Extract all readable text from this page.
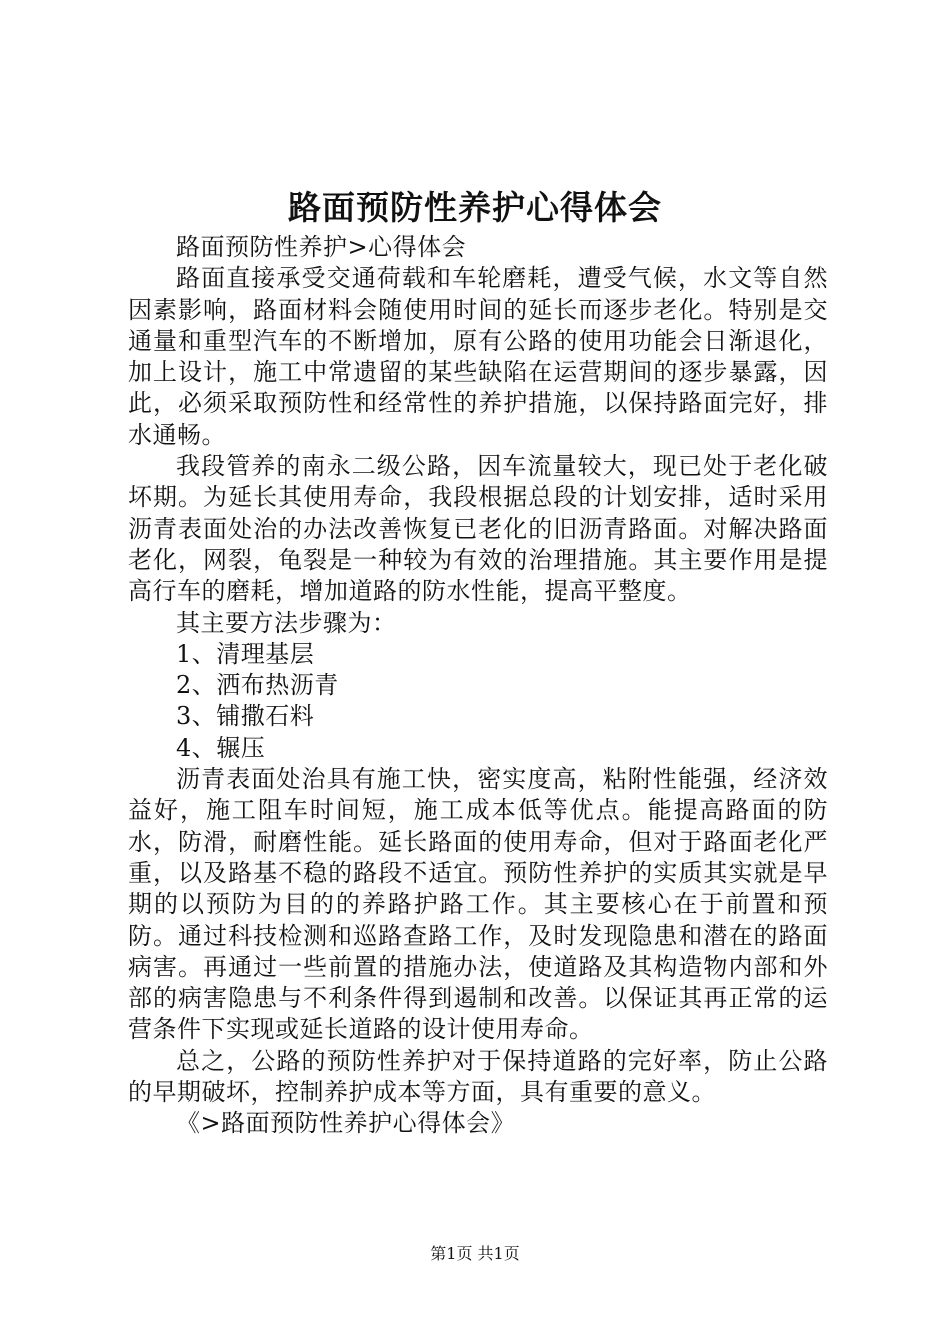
路面预防性养护心得体会

路面预防性养护>心得体会

路面直接承受交通荷载和车轮磨耗，遭受气候，水文等自然因素影响，路面材料会随使用时间的延长而逐步老化。特别是交通量和重型汽车的不断增加，原有公路的使用功能会日渐退化，加上设计，施工中常遗留的某些缺陷在运营期间的逐步暴露，因此，必须采取预防性和经常性的养护措施，以保持路面完好，排水通畅。

我段管养的南永二级公路，因车流量较大，现已处于老化破坏期。为延长其使用寿命，我段根据总段的计划安排，适时采用沥青表面处治的办法改善恢复已老化的旧沥青路面。对解决路面老化，网裂，龟裂是一种较为有效的治理措施。其主要作用是提高行车的磨耗，增加道路的防水性能，提高平整度。

其主要方法步骤为：

1、清理基层

2、洒布热沥青

3、铺撒石料

4、辗压

沥青表面处治具有施工快，密实度高，粘附性能强，经济效益好，施工阻车时间短，施工成本低等优点。能提高路面的防水，防滑，耐磨性能。延长路面的使用寿命，但对于路面老化严重，以及路基不稳的路段不适宜。预防性养护的实质其实就是早期的以预防为目的的养路护路工作。其主要核心在于前置和预防。通过科技检测和巡路查路工作，及时发现隐患和潜在的路面病害。再通过一些前置的措施办法，使道路及其构造物内部和外部的病害隐患与不利条件得到遏制和改善。以保证其再正常的运营条件下实现或延长道路的设计使用寿命。

总之，公路的预防性养护对于保持道路的完好率，防止公路的早期破坏，控制养护成本等方面，具有重要的意义。

《>路面预防性养护心得体会》

第1页 共1页
